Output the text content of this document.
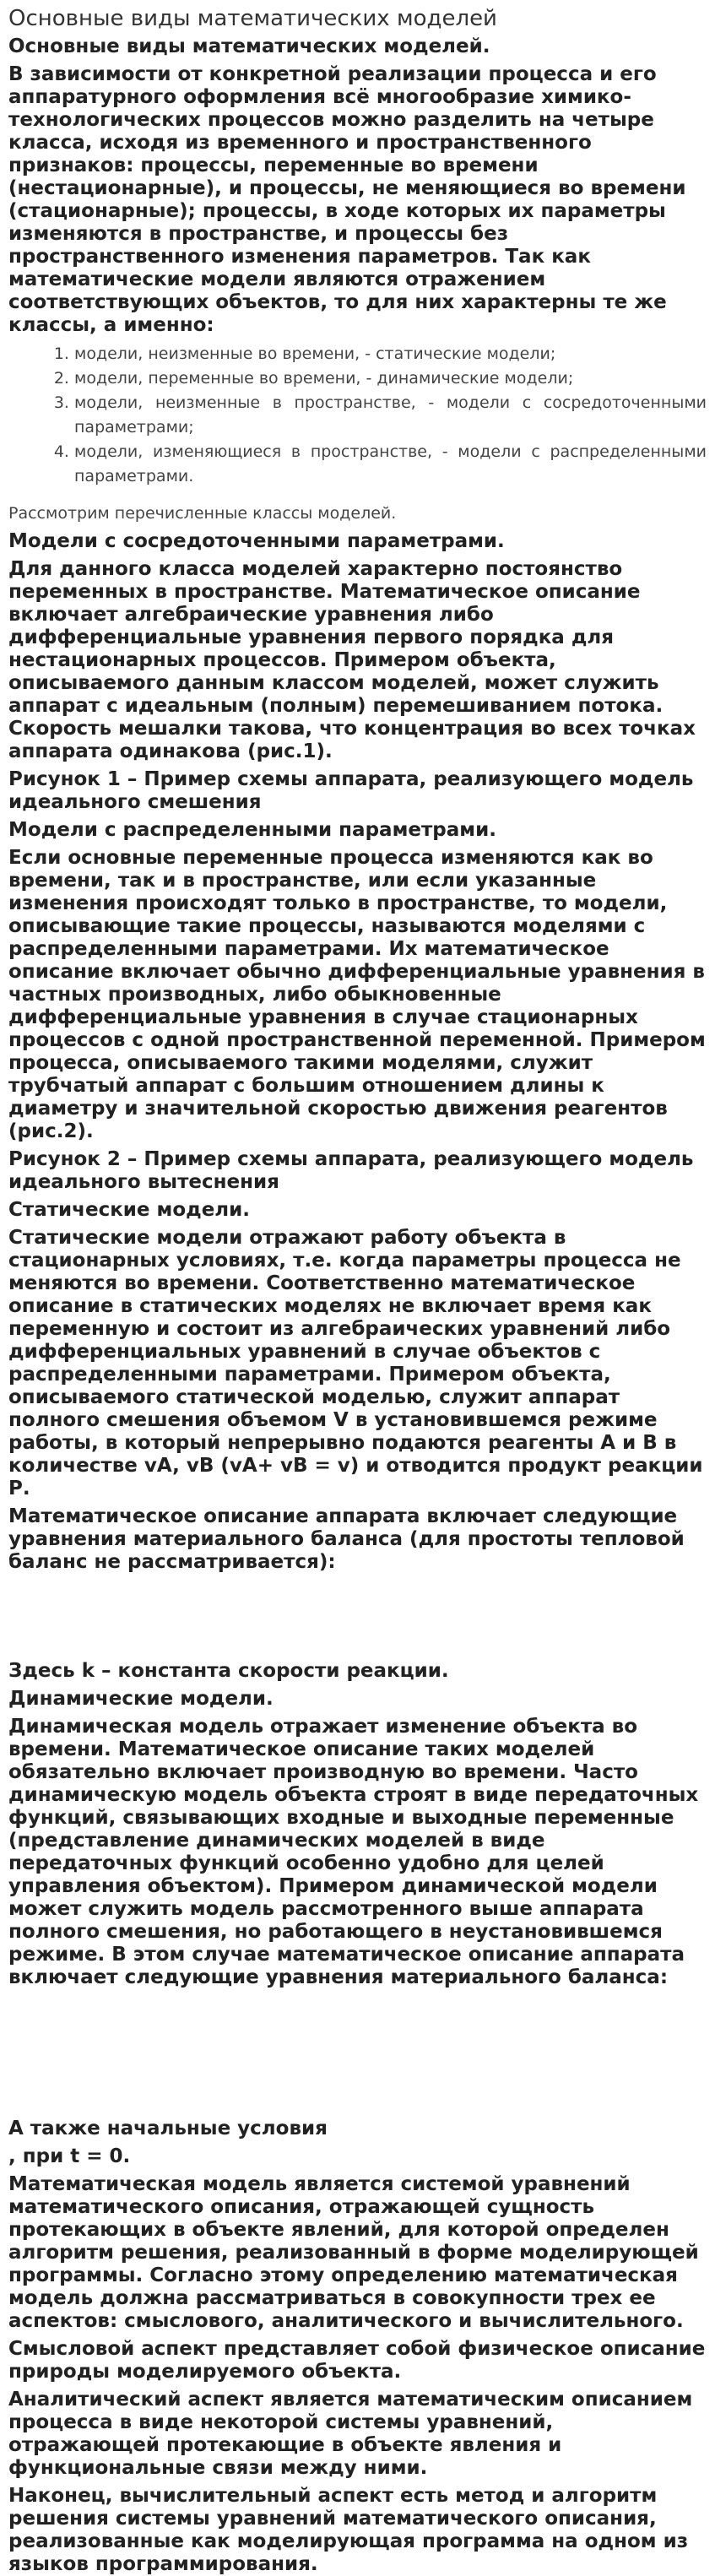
Основные виды математических моделей

Основные виды математических моделей.

В зависимости от конкретной реализации процесса и его аппаратурного оформления всё многообразие химико-технологических процессов можно разделить на четыре класса, исходя из временного и пространственного признаков: процессы, переменные во времени (нестационарные), и процессы, не меняющиеся во времени (стационарные); процессы, в ходе которых их параметры изменяются в пространстве, и процессы без пространственного изменения параметров. Так как математические модели являются отражением соответствующих объектов, то для них характерны те же классы, а именно:

1. модели, неизменные во времени, - статические модели;
2. модели, переменные во времени, - динамические модели;
3. модели, неизменные в пространстве, - модели с сосредоточенными параметрами;
4. модели, изменяющиеся в пространстве, - модели с распределенными параметрами.

Рассмотрим перечисленные классы моделей.

Модели с сосредоточенными параметрами.

Для данного класса моделей характерно постоянство переменных в пространстве. Математическое описание включает алгебраические уравнения либо дифференциальные уравнения первого порядка для нестационарных процессов. Примером объекта, описываемого данным классом моделей, может служить аппарат с идеальным (полным) перемешиванием потока. Скорость мешалки такова, что концентрация во всех точках аппарата одинакова (рис.1).

Рисунок 1 – Пример схемы аппарата, реализующего модель идеального смешения

Модели с распределенными параметрами.

Если основные переменные процесса изменяются как во времени, так и в пространстве, или если указанные изменения происходят только в пространстве, то модели, описывающие такие процессы, называются моделями с распределенными параметрами. Их математическое описание включает обычно дифференциальные уравнения в частных производных, либо обыкновенные дифференциальные уравнения в случае стационарных процессов с одной пространственной переменной. Примером процесса, описываемого такими моделями, служит трубчатый аппарат с большим отношением длины к диаметру и значительной скоростью движения реагентов (рис.2).

Рисунок 2 – Пример схемы аппарата, реализующего модель идеального вытеснения

Статические модели.

Статические модели отражают работу объекта в стационарных условиях, т.е. когда параметры процесса не меняются во времени. Соответственно математическое описание в статических моделях не включает время как переменную и состоит из алгебраических уравнений либо дифференциальных уравнений в случае объектов с распределенными параметрами. Примером объекта, описываемого статической моделью, служит аппарат полного смешения объемом V в установившемся режиме работы, в который непрерывно подаются реагенты А и В в количестве vA, vB (vA+ vB = v) и отводится продукт реакции Р.

Математическое описание аппарата включает следующие уравнения материального баланса (для простоты тепловой баланс не рассматривается):

Здесь k – константа скорости реакции.

Динамические модели.

Динамическая модель отражает изменение объекта во времени. Математическое описание таких моделей обязательно включает производную во времени. Часто динамическую модель объекта строят в виде передаточных функций, связывающих входные и выходные переменные (представление динамических моделей в виде передаточных функций особенно удобно для целей управления объектом). Примером динамической модели может служить модель рассмотренного выше аппарата полного смешения, но работающего в неустановившемся режиме. В этом случае математическое описание аппарата включает следующие уравнения материального баланса:

А также начальные условия

, при t = 0.

Математическая модель является системой уравнений математического описания, отражающей сущность протекающих в объекте явлений, для которой определен алгоритм решения, реализованный в форме моделирующей программы. Согласно этому определению математическая модель должна рассматриваться в совокупности трех ее аспектов: смыслового, аналитического и вычислительного.

Смысловой аспект представляет собой физическое описание природы моделируемого объекта.

Аналитический аспект является математическим описанием процесса в виде некоторой системы уравнений, отражающей протекающие в объекте явления и функциональные связи между ними.

Наконец, вычислительный аспект есть метод и алгоритм решения системы уравнений математического описания, реализованные как моделирующая программа на одном из языков программирования.
